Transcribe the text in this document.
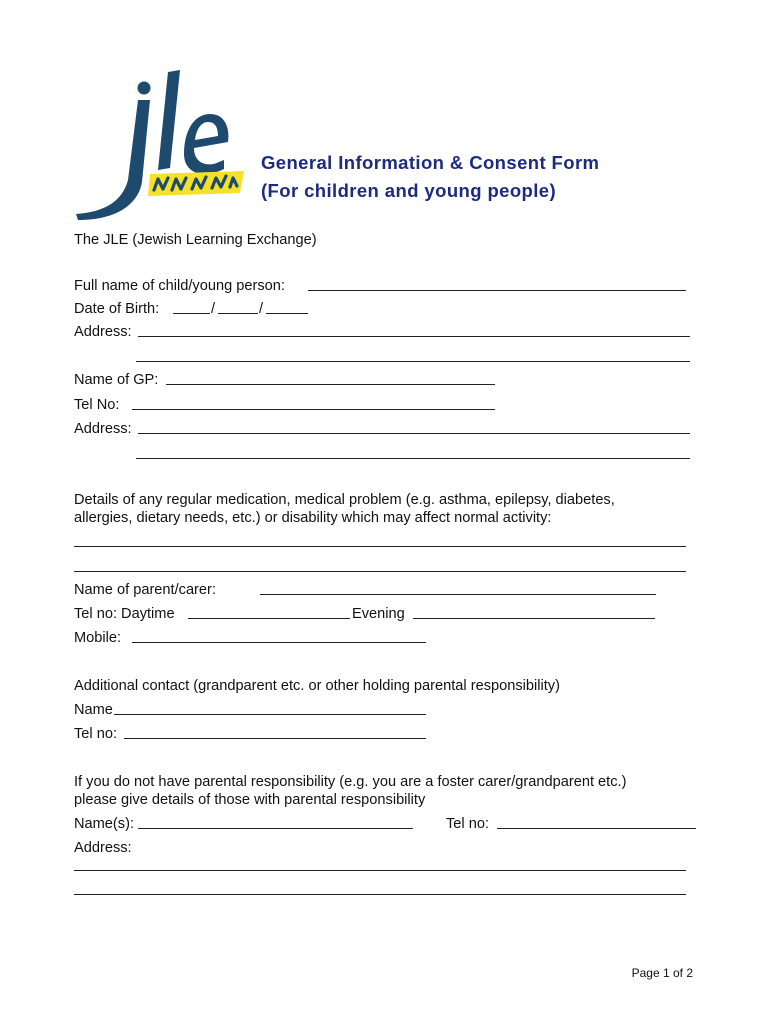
General Information & Consent Form
(For children and young people)
The JLE (Jewish Learning Exchange)
Full name of child/young person:
Date of Birth:	/	/
Address:
Name of GP:
Tel No:
Address:
Details of any regular medication, medical problem (e.g. asthma, epilepsy, diabetes,
allergies, dietary needs, etc.) or disability which may affect normal activity:
Name of parent/carer:
Tel no: Daytime	Evening
Mobile:
Additional contact (grandparent etc. or other holding parental responsibility)
Name
Tel no:
If you do not have parental responsibility (e.g. you are a foster carer/grandparent etc.)
please give details of those with parental responsibility
Name(s):	Tel no:
Address:
Page 1 of 2
